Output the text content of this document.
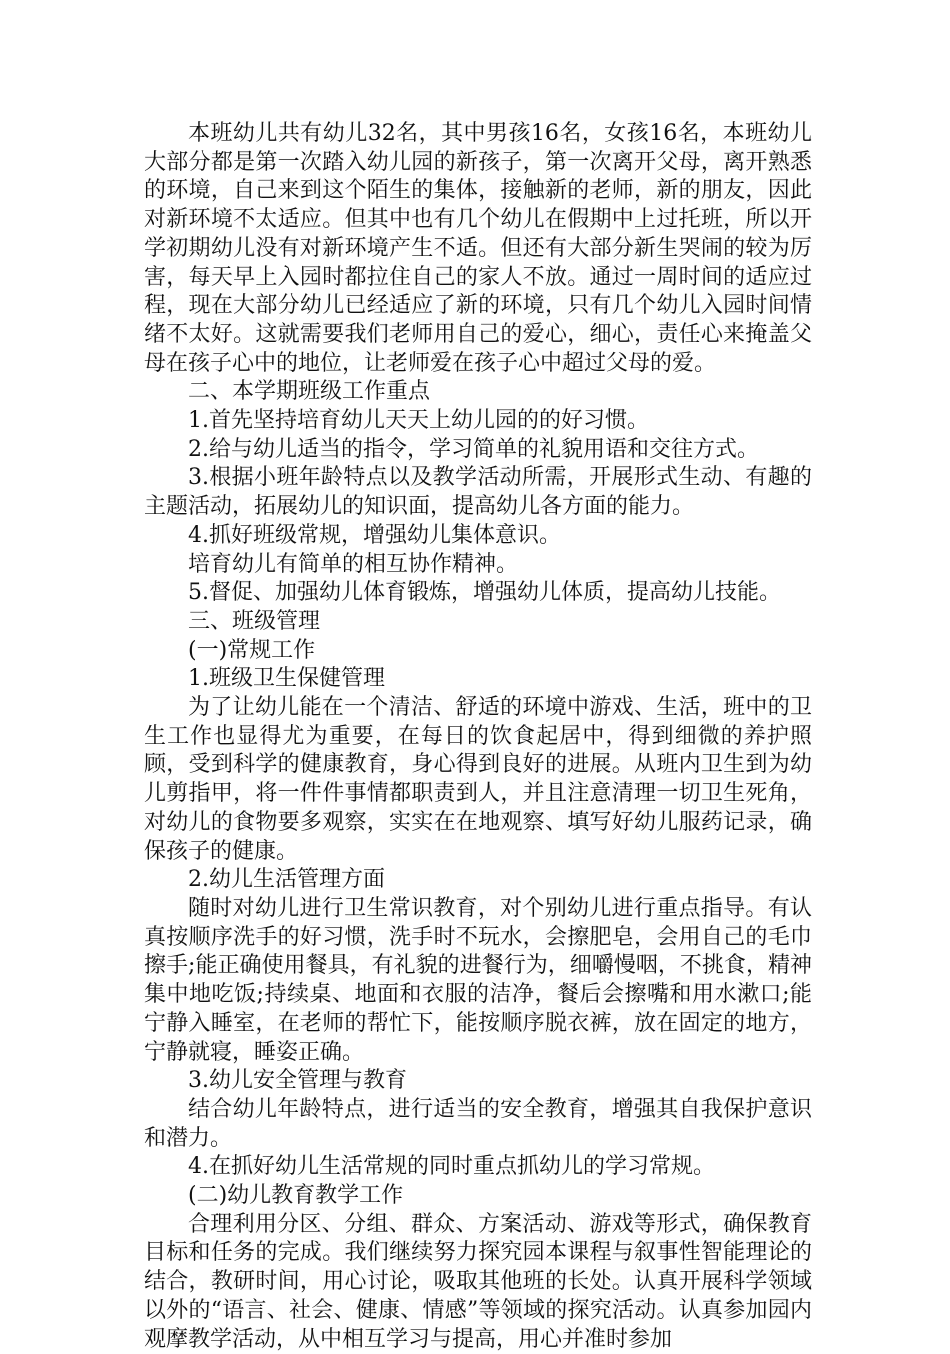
本班幼儿共有幼儿32名，其中男孩16名，女孩16名，本班幼儿大部分都是第一次踏入幼儿园的新孩子，第一次离开父母，离开熟悉的环境，自己来到这个陌生的集体，接触新的老师，新的朋友，因此对新环境不太适应。但其中也有几个幼儿在假期中上过托班，所以开学初期幼儿没有对新环境产生不适。但还有大部分新生哭闹的较为厉害，每天早上入园时都拉住自己的家人不放。通过一周时间的适应过程，现在大部分幼儿已经适应了新的环境，只有几个幼儿入园时间情绪不太好。这就需要我们老师用自己的爱心，细心，责任心来掩盖父母在孩子心中的地位，让老师爱在孩子心中超过父母的爱。

二、本学期班级工作重点

1.首先坚持培育幼儿天天上幼儿园的的好习惯。

2.给与幼儿适当的指令，学习简单的礼貌用语和交往方式。

3.根据小班年龄特点以及教学活动所需，开展形式生动、有趣的主题活动，拓展幼儿的知识面，提高幼儿各方面的能力。

4.抓好班级常规，增强幼儿集体意识。

培育幼儿有简单的相互协作精神。

5.督促、加强幼儿体育锻炼，增强幼儿体质，提高幼儿技能。

三、班级管理

(一)常规工作

1.班级卫生保健管理

为了让幼儿能在一个清洁、舒适的环境中游戏、生活，班中的卫生工作也显得尤为重要，在每日的饮食起居中，得到细微的养护照顾，受到科学的健康教育，身心得到良好的进展。从班内卫生到为幼儿剪指甲，将一件件事情都职责到人，并且注意清理一切卫生死角，对幼儿的食物要多观察，实实在在地观察、填写好幼儿服药记录，确保孩子的健康。

2.幼儿生活管理方面

随时对幼儿进行卫生常识教育，对个别幼儿进行重点指导。有认真按顺序洗手的好习惯，洗手时不玩水，会擦肥皂，会用自己的毛巾擦手;能正确使用餐具，有礼貌的进餐行为，细嚼慢咽，不挑食，精神集中地吃饭;持续桌、地面和衣服的洁净，餐后会擦嘴和用水漱口;能宁静入睡室，在老师的帮忙下，能按顺序脱衣裤，放在固定的地方，宁静就寝，睡姿正确。

3.幼儿安全管理与教育

结合幼儿年龄特点，进行适当的安全教育，增强其自我保护意识和潜力。

4.在抓好幼儿生活常规的同时重点抓幼儿的学习常规。

(二)幼儿教育教学工作

合理利用分区、分组、群众、方案活动、游戏等形式，确保教育目标和任务的完成。我们继续努力探究园本课程与叙事性智能理论的结合，教研时间，用心讨论，吸取其他班的长处。认真开展科学领域以外的“语言、社会、健康、情感”等领域的探究活动。认真参加园内观摩教学活动，从中相互学习与提高，用心并准时参加
